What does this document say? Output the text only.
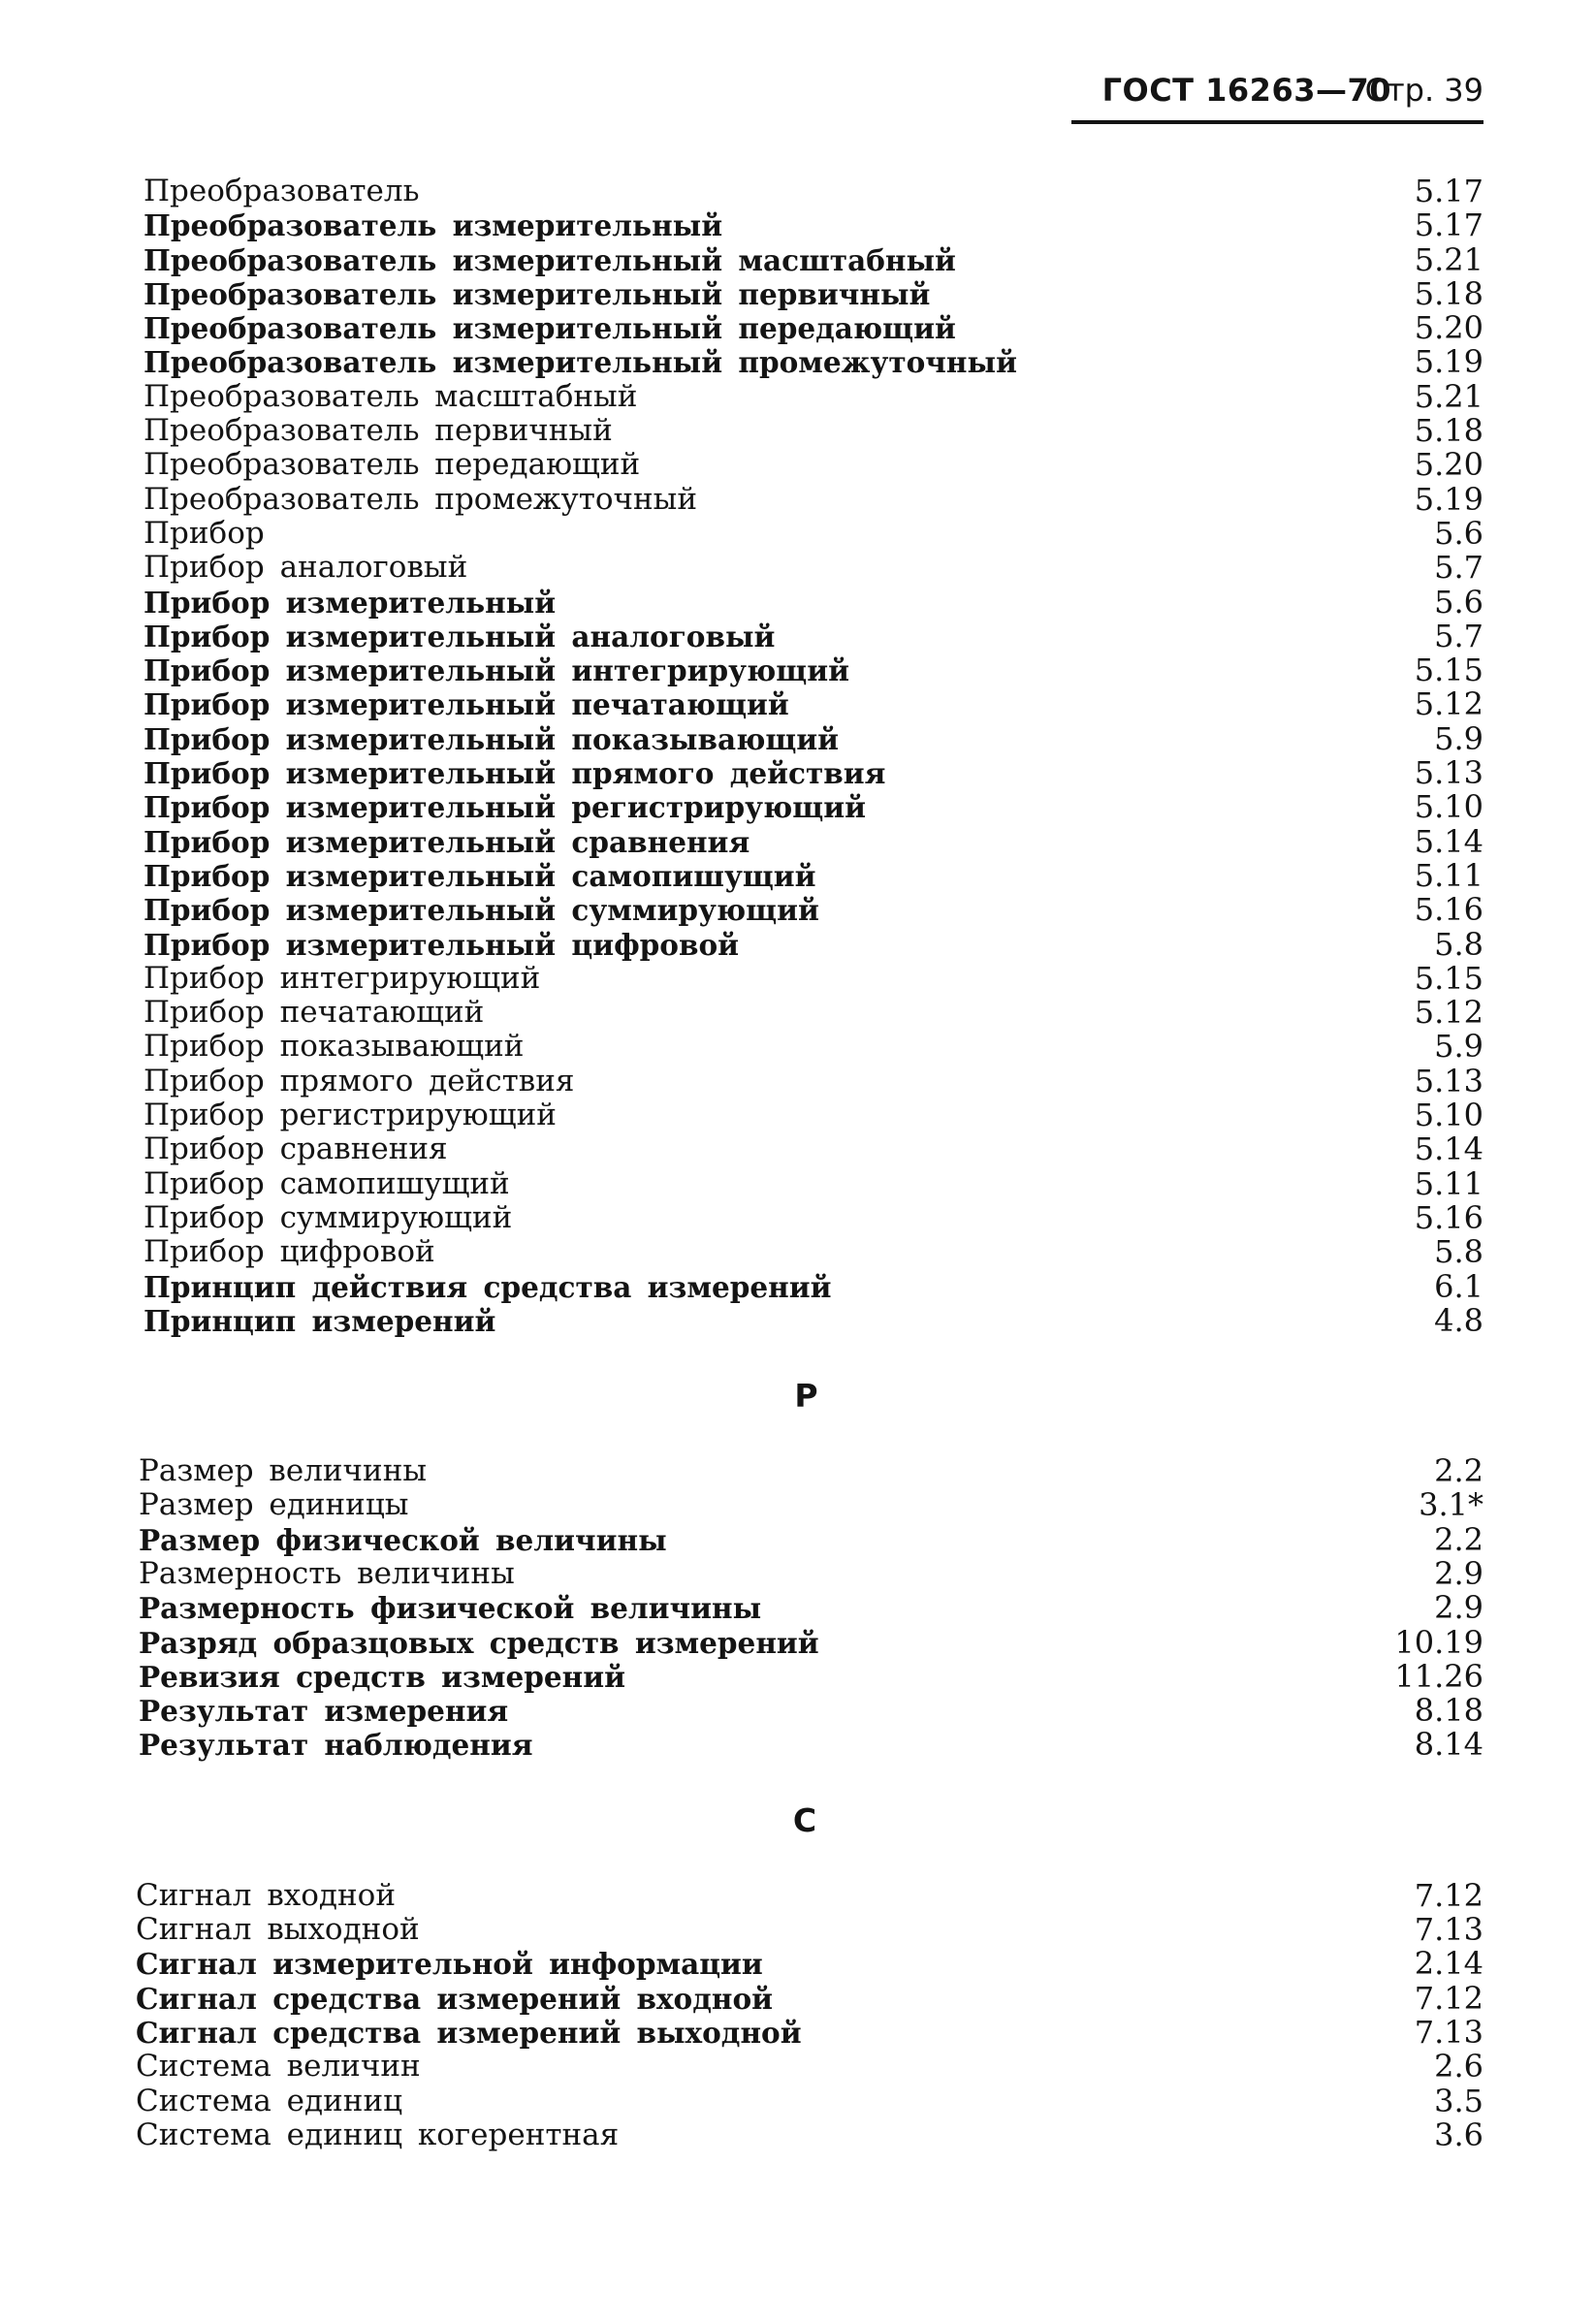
ГОСТ 16263—70
Стр. 39
Преобразователь	5.17
Преобразователь измерительный	5.17
Преобразователь измерительный масштабный	5.21
Преобразователь измерительный первичный	5.18
Преобразователь измерительный передающий	5.20
Преобразователь измерительный промежуточный	5.19
Преобразователь масштабный	5.21
Преобразователь первичный	5.18
Преобразователь передающий	5.20
Преобразователь промежуточный	5.19
Прибор	5.6
Прибор аналоговый	5.7
Прибор измерительный	5.6
Прибор измерительный аналоговый	5.7
Прибор измерительный интегрирующий	5.15
Прибор измерительный печатающий	5.12
Прибор измерительный показывающий	5.9
Прибор измерительный прямого действия	5.13
Прибор измерительный регистрирующий	5.10
Прибор измерительный сравнения	5.14
Прибор измерительный самопишущий	5.11
Прибор измерительный суммирующий	5.16
Прибор измерительный цифровой	5.8
Прибор интегрирующий	5.15
Прибор печатающий	5.12
Прибор показывающий	5.9
Прибор прямого действия	5.13
Прибор регистрирующий	5.10
Прибор сравнения	5.14
Прибор самопишущий	5.11
Прибор суммирующий	5.16
Прибор цифровой	5.8
Принцип действия средства измерений	6.1
Принцип измерений	4.8
Р
Размер величины	2.2
Размер единицы	3.1*
Размер физической величины	2.2
Размерность величины	2.9
Размерность физической величины	2.9
Разряд образцовых средств измерений	10.19
Ревизия средств измерений	11.26
Результат измерения	8.18
Результат наблюдения	8.14
С
Сигнал входной	7.12
Сигнал выходной	7.13
Сигнал измерительной информации	2.14
Сигнал средства измерений входной	7.12
Сигнал средства измерений выходной	7.13
Система величин	2.6
Система единиц	3.5
Система единиц когерентная	3.6
